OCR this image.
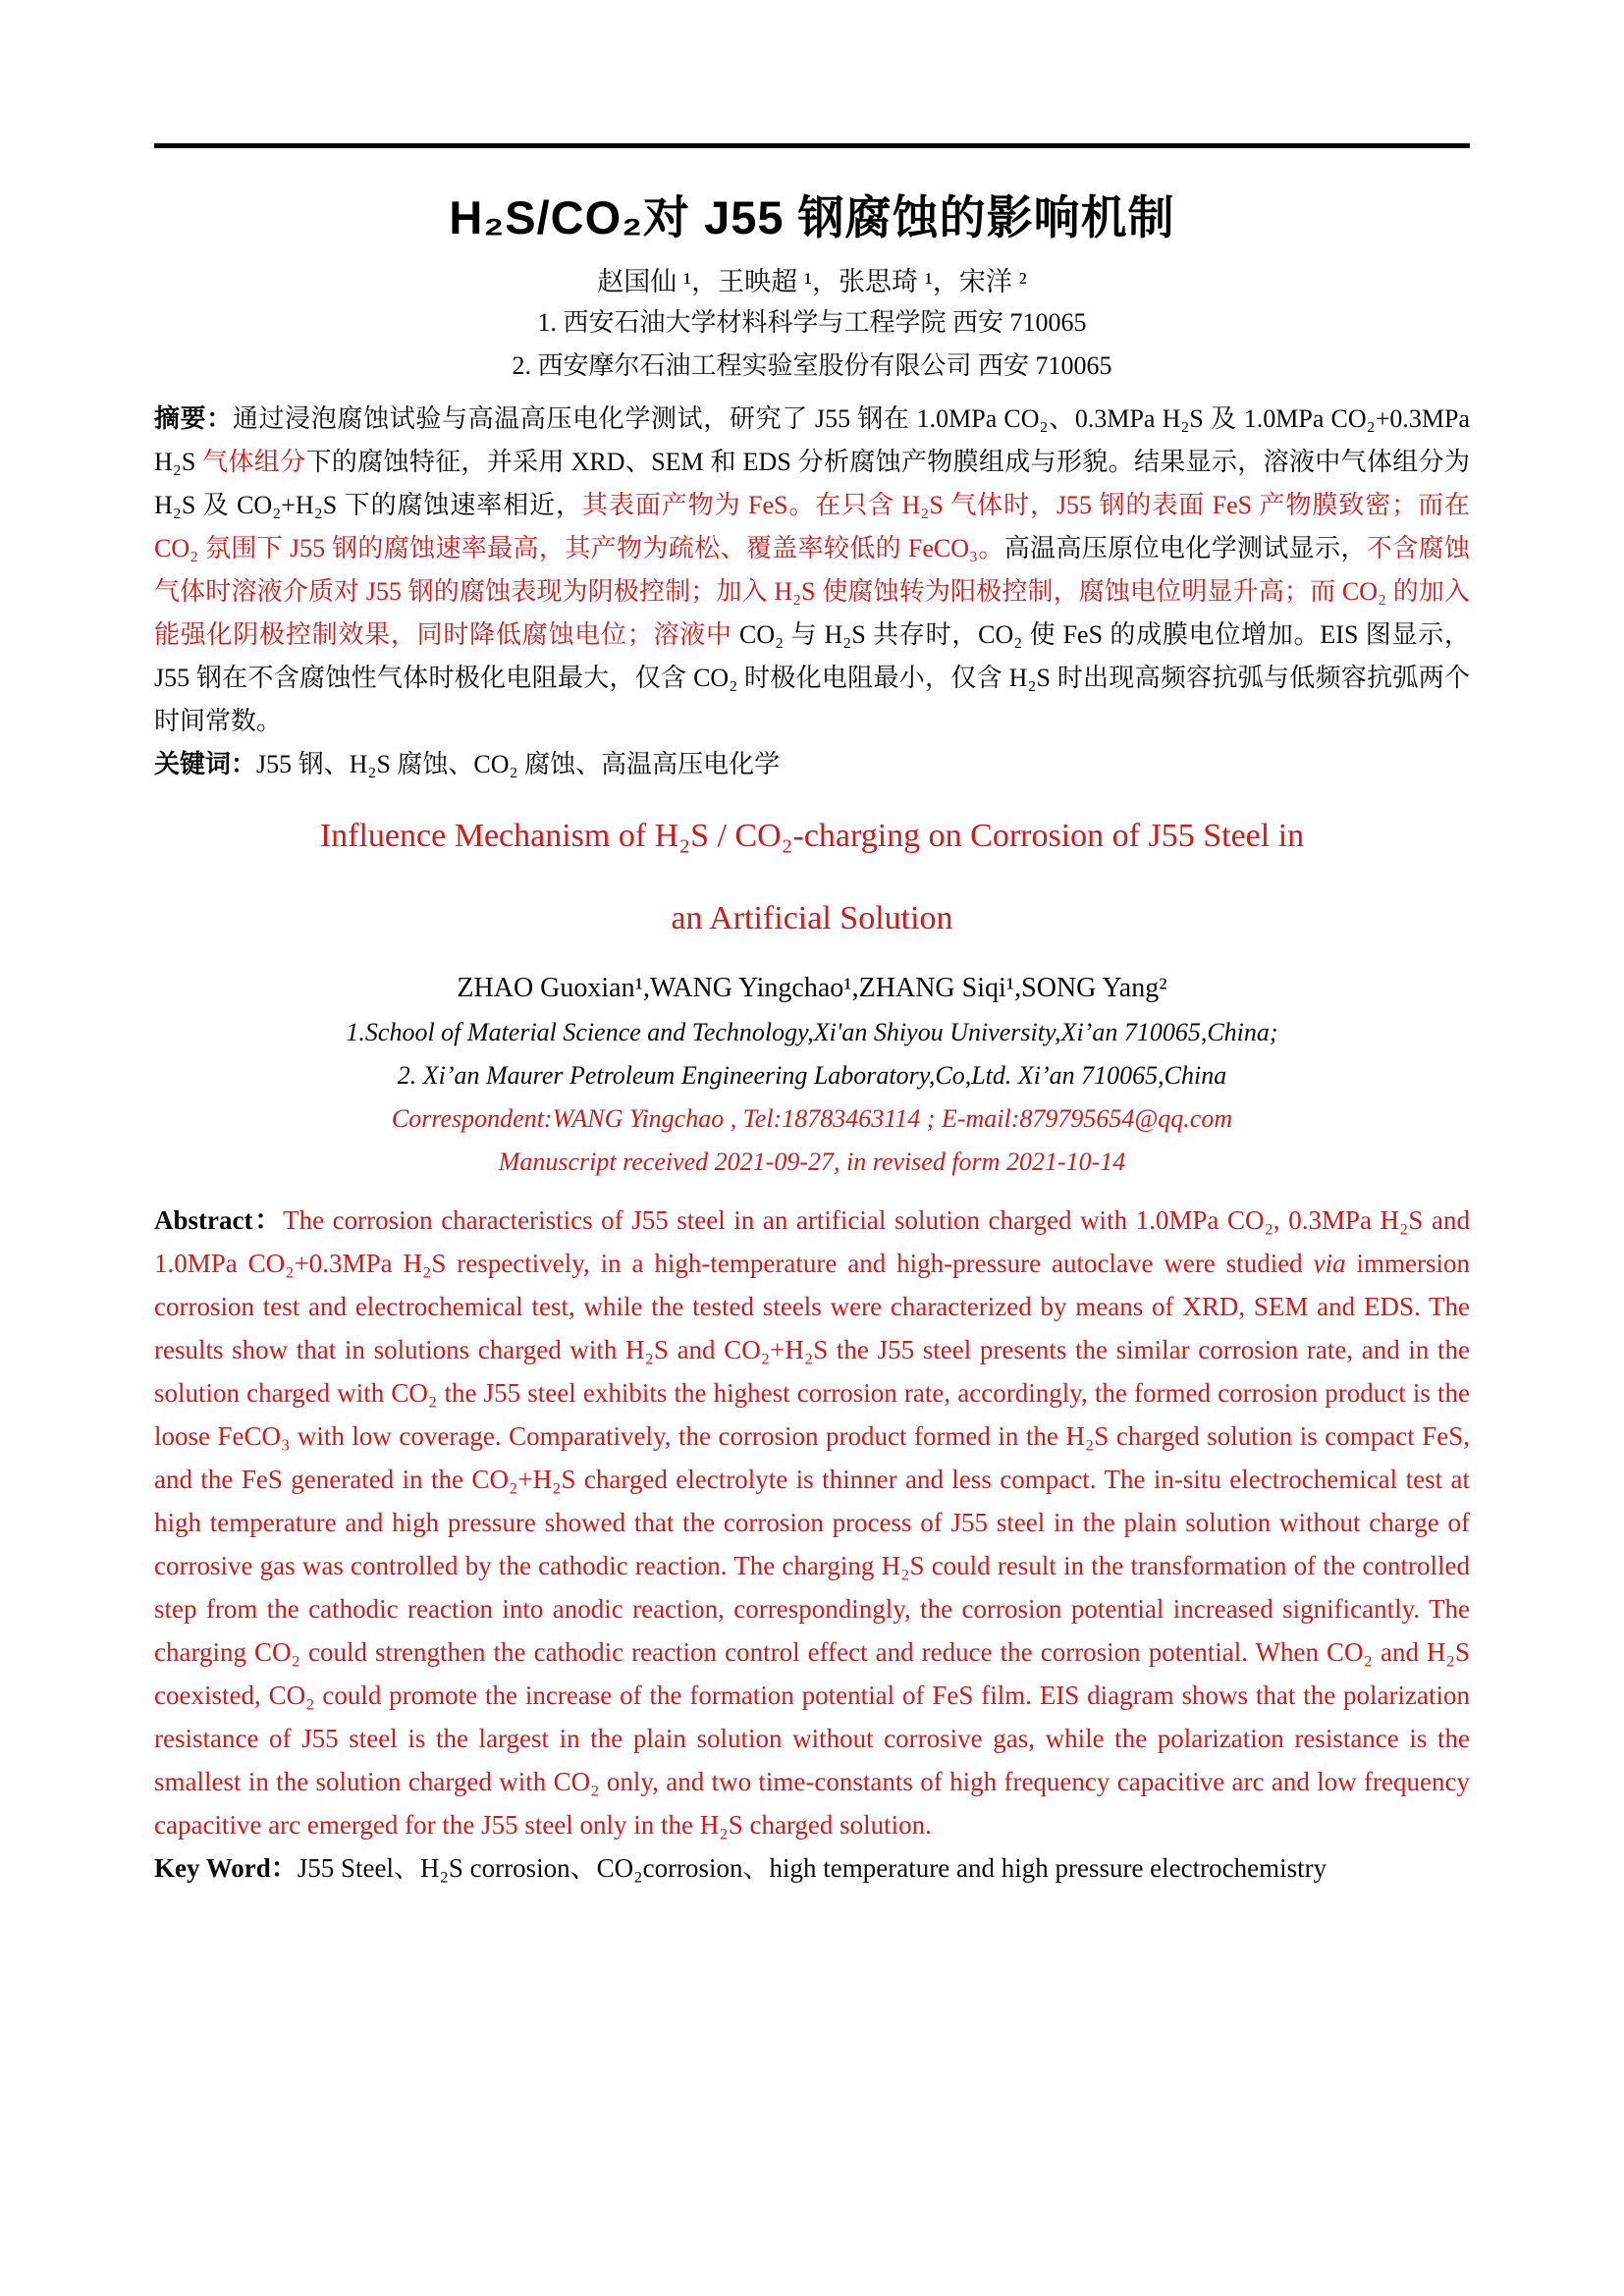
H₂S/CO₂对 J55 钢腐蚀的影响机制
赵国仙 ¹，王映超 ¹，张思琦 ¹，宋洋 ²
1. 西安石油大学材料科学与工程学院 西安 710065
2. 西安摩尔石油工程实验室股份有限公司 西安 710065

摘要：通过浸泡腐蚀试验与高温高压电化学测试，研究了 J55 钢在 1.0MPa CO₂、0.3MPa H₂S 及 1.0MPa CO₂+0.3MPa H₂S 气体组分下的腐蚀特征，并采用 XRD、SEM 和 EDS 分析腐蚀产物膜组成与形貌。结果显示，溶液中气体组分为 H₂S 及 CO₂+H₂S 下的腐蚀速率相近，其表面产物为 FeS。在只含 H₂S 气体时，J55 钢的表面 FeS 产物膜致密；而在 CO₂ 氛围下 J55 钢的腐蚀速率最高，其产物为疏松、覆盖率较低的 FeCO₃。高温高压原位电化学测试显示，不含腐蚀气体时溶液介质对 J55 钢的腐蚀表现为阴极控制；加入 H₂S 使腐蚀转为阳极控制，腐蚀电位明显升高；而 CO₂ 的加入能强化阴极控制效果，同时降低腐蚀电位；溶液中 CO₂ 与 H₂S 共存时，CO₂ 使 FeS 的成膜电位增加。EIS 图显示，J55 钢在不含腐蚀性气体时极化电阻最大，仅含 CO₂ 时极化电阻最小，仅含 H₂S 时出现高频容抗弧与低频容抗弧两个时间常数。

关键词：J55 钢、H₂S 腐蚀、CO₂ 腐蚀、高温高压电化学

Influence Mechanism of H₂S / CO₂-charging on Corrosion of J55 Steel in
an Artificial Solution
ZHAO Guoxian¹,WANG Yingchao¹,ZHANG Siqi¹,SONG Yang²
1.School of Material Science and Technology,Xi'an Shiyou University,Xi’an 710065,China;
2. Xi’an Maurer Petroleum Engineering Laboratory,Co,Ltd. Xi’an 710065,China
Correspondent:WANG Yingchao , Tel:18783463114 ; E-mail:879795654@qq.com
Manuscript received 2021-09-27, in revised form 2021-10-14

Abstract：The corrosion characteristics of J55 steel in an artificial solution charged with 1.0MPa CO₂, 0.3MPa H₂S and 1.0MPa CO₂+0.3MPa H₂S respectively, in a high-temperature and high-pressure autoclave were studied via immersion corrosion test and electrochemical test, while the tested steels were characterized by means of XRD, SEM and EDS. The results show that in solutions charged with H₂S and CO₂+H₂S the J55 steel presents the similar corrosion rate, and in the solution charged with CO₂ the J55 steel exhibits the highest corrosion rate, accordingly, the formed corrosion product is the loose FeCO₃ with low coverage. Comparatively, the corrosion product formed in the H₂S charged solution is compact FeS, and the FeS generated in the CO₂+H₂S charged electrolyte is thinner and less compact. The in-situ electrochemical test at high temperature and high pressure showed that the corrosion process of J55 steel in the plain solution without charge of corrosive gas was controlled by the cathodic reaction. The charging H₂S could result in the transformation of the controlled step from the cathodic reaction into anodic reaction, correspondingly, the corrosion potential increased significantly. The charging CO₂ could strengthen the cathodic reaction control effect and reduce the corrosion potential. When CO₂ and H₂S coexisted, CO₂ could promote the increase of the formation potential of FeS film. EIS diagram shows that the polarization resistance of J55 steel is the largest in the plain solution without corrosive gas, while the polarization resistance is the smallest in the solution charged with CO₂ only, and two time-constants of high frequency capacitive arc and low frequency capacitive arc emerged for the J55 steel only in the H₂S charged solution.

Key Word：J55 Steel、H₂S corrosion、CO₂corrosion、high temperature and high pressure electrochemistry
